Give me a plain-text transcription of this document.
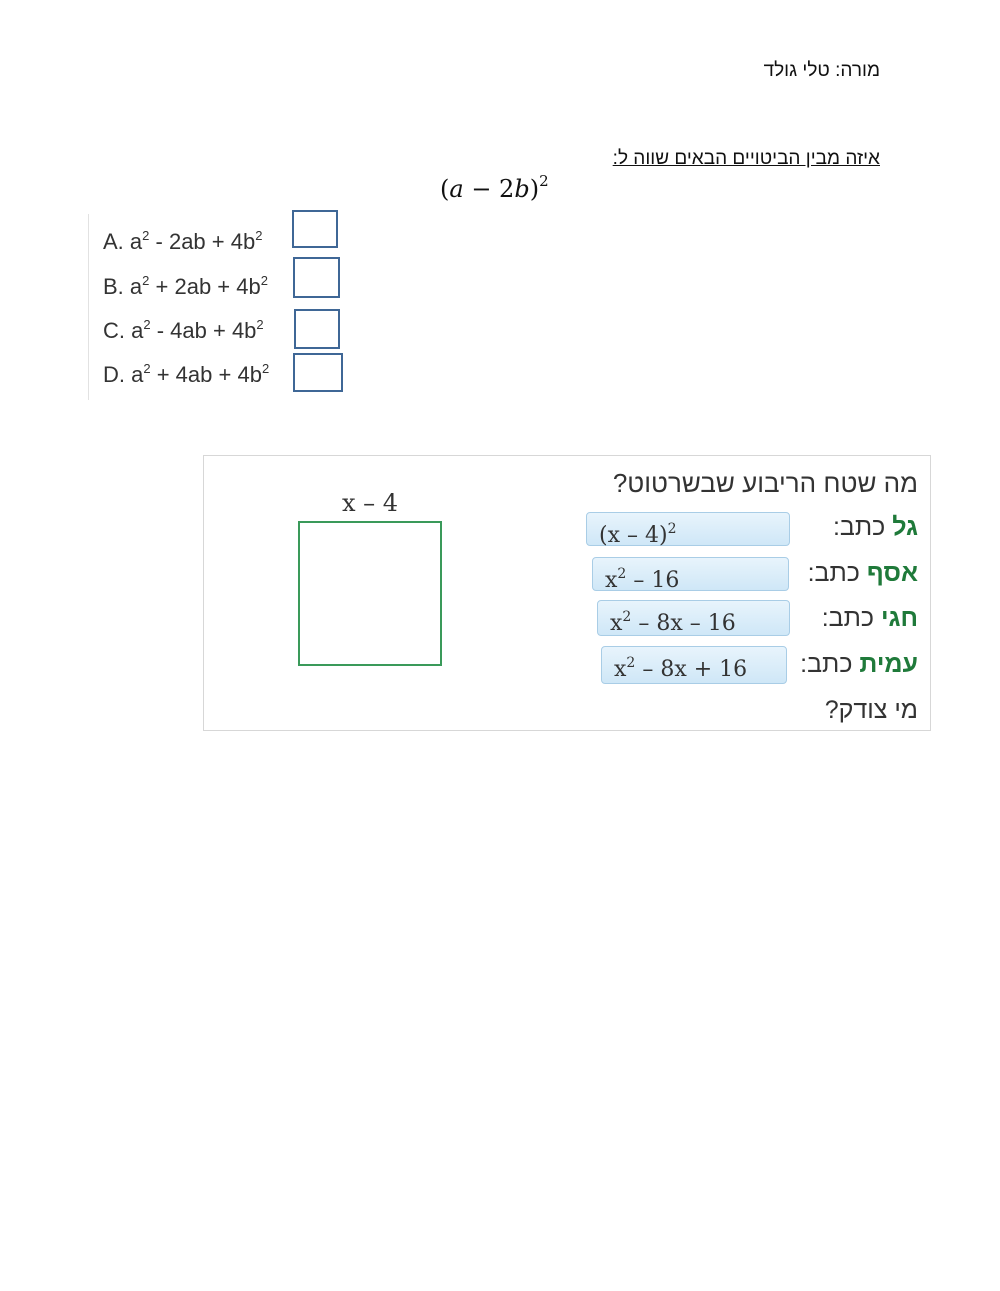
מורה: טלי גולד
איזה מבין הביטויים הבאים שווה ל:
$(a - 2b)^2$
A. $a^2 - 2ab + 4b^2$
B. $a^2 + 2ab + 4b^2$
C. $a^2 - 4ab + 4b^2$
D. $a^2 + 4ab + 4b^2$
x – 4
מה שטח הריבוע שבשרטוט?
גל כתב:
(x – 4)$^2$
אסף כתב:
$x^2 - 16$
חגי כתב:
$x^2 - 8x - 16$
עמית כתב:
$x^2 - 8x + 16$
מי צודק?
